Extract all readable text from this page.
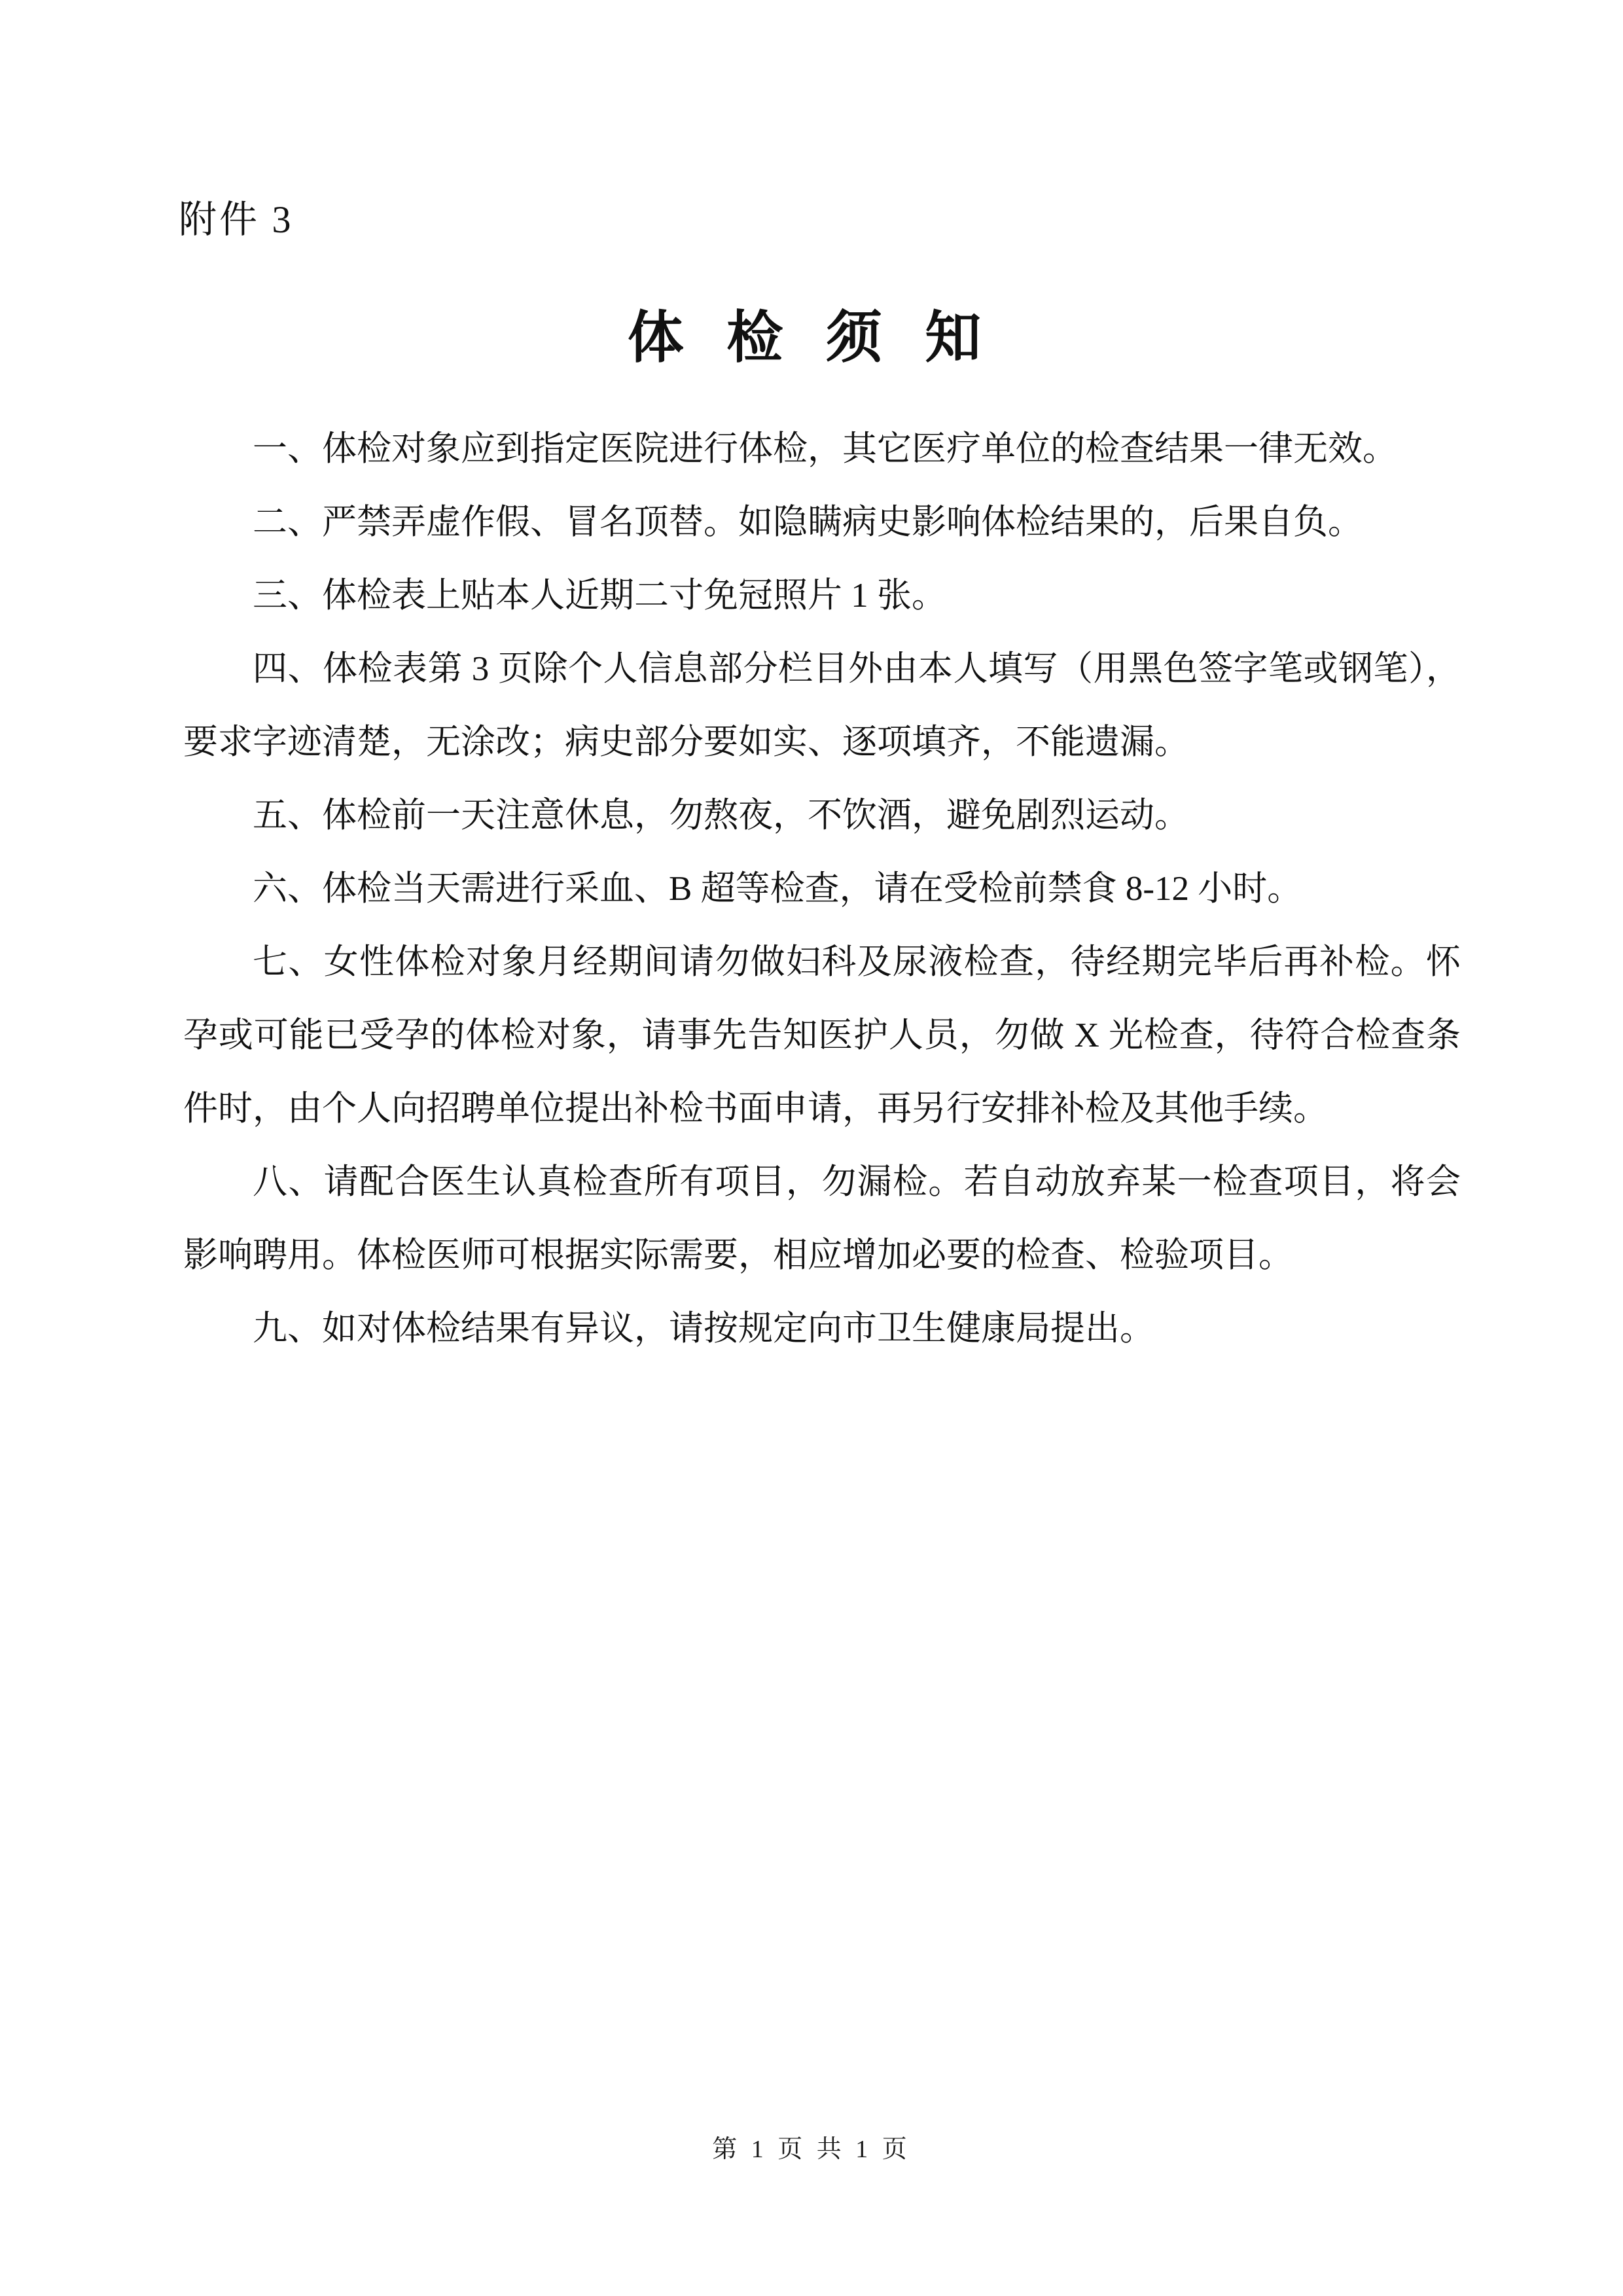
附件 3
体 检 须 知

一、体检对象应到指定医院进行体检，其它医疗单位的检查结果一律无效。

二、严禁弄虚作假、冒名顶替。如隐瞒病史影响体检结果的，后果自负。

三、体检表上贴本人近期二寸免冠照片 1 张。

四、体检表第 3 页除个人信息部分栏目外由本人填写（用黑色签字笔或钢笔），要求字迹清楚，无涂改；病史部分要如实、逐项填齐，不能遗漏。

五、体检前一天注意休息，勿熬夜，不饮酒，避免剧烈运动。

六、体检当天需进行采血、B 超等检查，请在受检前禁食 8-12 小时。

七、女性体检对象月经期间请勿做妇科及尿液检查，待经期完毕后再补检。怀孕或可能已受孕的体检对象，请事先告知医护人员，勿做 X 光检查，待符合检查条件时，由个人向招聘单位提出补检书面申请，再另行安排补检及其他手续。

八、请配合医生认真检查所有项目，勿漏检。若自动放弃某一检查项目，将会影响聘用。体检医师可根据实际需要，相应增加必要的检查、检验项目。

九、如对体检结果有异议，请按规定向市卫生健康局提出。

第 1 页 共 1 页
